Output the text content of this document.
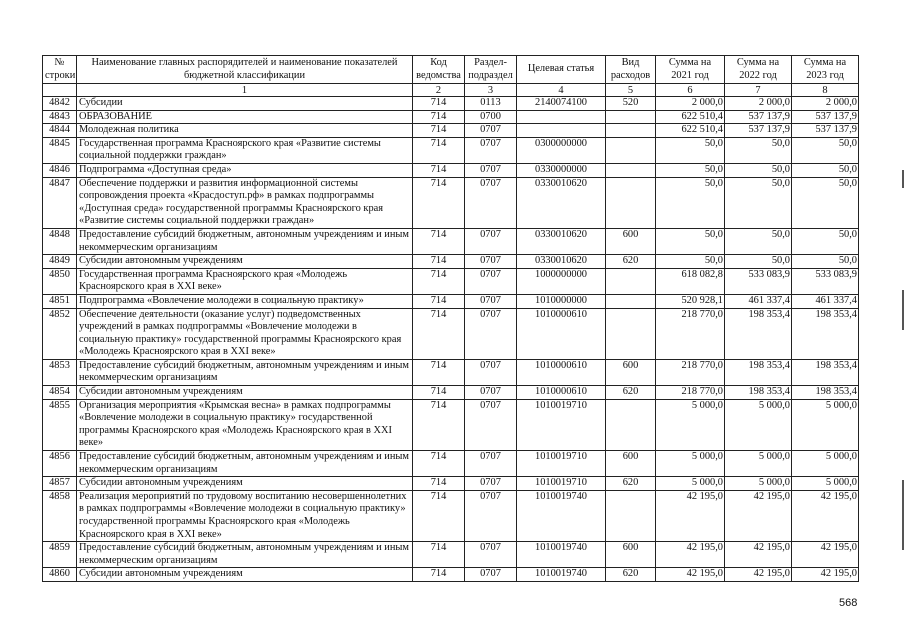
№ строки	Наименование главных распорядителей и наименование показателей бюджетной классификации	Код ведомства	Раздел-подраздел	Целевая статья	Вид расходов	Сумма на 2021 год	Сумма на 2022 год	Сумма на 2023 год
	1	2	3	4	5	6	7	8
4842	Субсидии	714	0113	2140074100	520	2 000,0	2 000,0	2 000,0
4843	ОБРАЗОВАНИЕ	714	0700			622 510,4	537 137,9	537 137,9
4844	Молодежная политика	714	0707			622 510,4	537 137,9	537 137,9
4845	Государственная программа Красноярского края «Развитие системы социальной поддержки граждан»	714	0707	0300000000		50,0	50,0	50,0
4846	Подпрограмма «Доступная среда»	714	0707	0330000000		50,0	50,0	50,0
4847	Обеспечение поддержки и развития информационной системы сопровождения проекта «Красдоступ.рф» в рамках подпрограммы «Доступная среда» государственной программы Красноярского края «Развитие системы социальной поддержки граждан»	714	0707	0330010620		50,0	50,0	50,0
4848	Предоставление субсидий бюджетным, автономным учреждениям и иным некоммерческим организациям	714	0707	0330010620	600	50,0	50,0	50,0
4849	Субсидии автономным учреждениям	714	0707	0330010620	620	50,0	50,0	50,0
4850	Государственная программа Красноярского края «Молодежь Красноярского края в XXI веке»	714	0707	1000000000		618 082,8	533 083,9	533 083,9
4851	Подпрограмма «Вовлечение молодежи в социальную практику»	714	0707	1010000000		520 928,1	461 337,4	461 337,4
4852	Обеспечение деятельности (оказание услуг) подведомственных учреждений в рамках подпрограммы «Вовлечение молодежи в социальную практику» государственной программы Красноярского края «Молодежь Красноярского края в XXI веке»	714	0707	1010000610		218 770,0	198 353,4	198 353,4
4853	Предоставление субсидий бюджетным, автономным учреждениям и иным некоммерческим организациям	714	0707	1010000610	600	218 770,0	198 353,4	198 353,4
4854	Субсидии автономным учреждениям	714	0707	1010000610	620	218 770,0	198 353,4	198 353,4
4855	Организация мероприятия «Крымская весна» в рамках подпрограммы «Вовлечение молодежи в социальную практику» государственной программы Красноярского края «Молодежь Красноярского края в XXI веке»	714	0707	1010019710		5 000,0	5 000,0	5 000,0
4856	Предоставление субсидий бюджетным, автономным учреждениям и иным некоммерческим организациям	714	0707	1010019710	600	5 000,0	5 000,0	5 000,0
4857	Субсидии автономным учреждениям	714	0707	1010019710	620	5 000,0	5 000,0	5 000,0
4858	Реализация мероприятий по трудовому воспитанию несовершеннолетних в рамках подпрограммы «Вовлечение молодежи в социальную практику» государственной программы Красноярского края «Молодежь Красноярского края в XXI веке»	714	0707	1010019740		42 195,0	42 195,0	42 195,0
4859	Предоставление субсидий бюджетным, автономным учреждениям и иным некоммерческим организациям	714	0707	1010019740	600	42 195,0	42 195,0	42 195,0
4860	Субсидии автономным учреждениям	714	0707	1010019740	620	42 195,0	42 195,0	42 195,0
568
